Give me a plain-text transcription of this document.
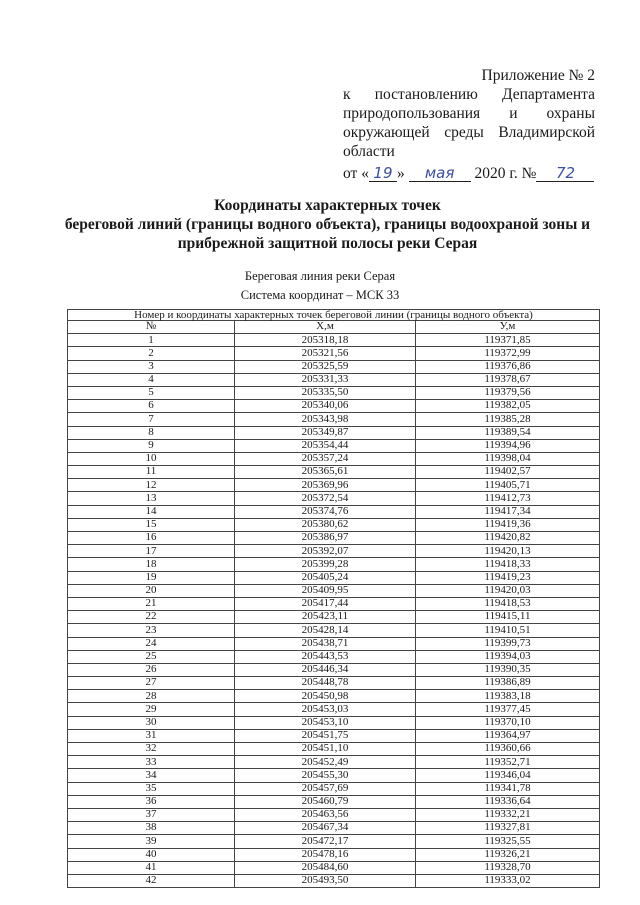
Приложение № 2
к постановлению Департамента
природопользования и охраны
окружающей среды Владимирской
области
от « 19 » мая 2020 г. № 72
Координаты характерных точек
береговой линий (границы водного объекта), границы водоохраной зоны и
прибрежной защитной полосы реки Серая
Береговая линия реки Серая
Система координат – МСК 33
Номер и координаты характерных точек береговой линии (границы водного объекта)		
№	Х,м	У,м
1	205318,18	119371,85
2	205321,56	119372,99
3	205325,59	119376,86
4	205331,33	119378,67
5	205335,50	119379,56
6	205340,06	119382,05
7	205343,98	119385,28
8	205349,87	119389,54
9	205354,44	119394,96
10	205357,24	119398,04
11	205365,61	119402,57
12	205369,96	119405,71
13	205372,54	119412,73
14	205374,76	119417,34
15	205380,62	119419,36
16	205386,97	119420,82
17	205392,07	119420,13
18	205399,28	119418,33
19	205405,24	119419,23
20	205409,95	119420,03
21	205417,44	119418,53
22	205423,11	119415,11
23	205428,14	119410,51
24	205438,71	119399,73
25	205443,53	119394,03
26	205446,34	119390,35
27	205448,78	119386,89
28	205450,98	119383,18
29	205453,03	119377,45
30	205453,10	119370,10
31	205451,75	119364,97
32	205451,10	119360,66
33	205452,49	119352,71
34	205455,30	119346,04
35	205457,69	119341,78
36	205460,79	119336,64
37	205463,56	119332,21
38	205467,34	119327,81
39	205472,17	119325,55
40	205478,16	119326,21
41	205484,60	119328,70
42	205493,50	119333,02
